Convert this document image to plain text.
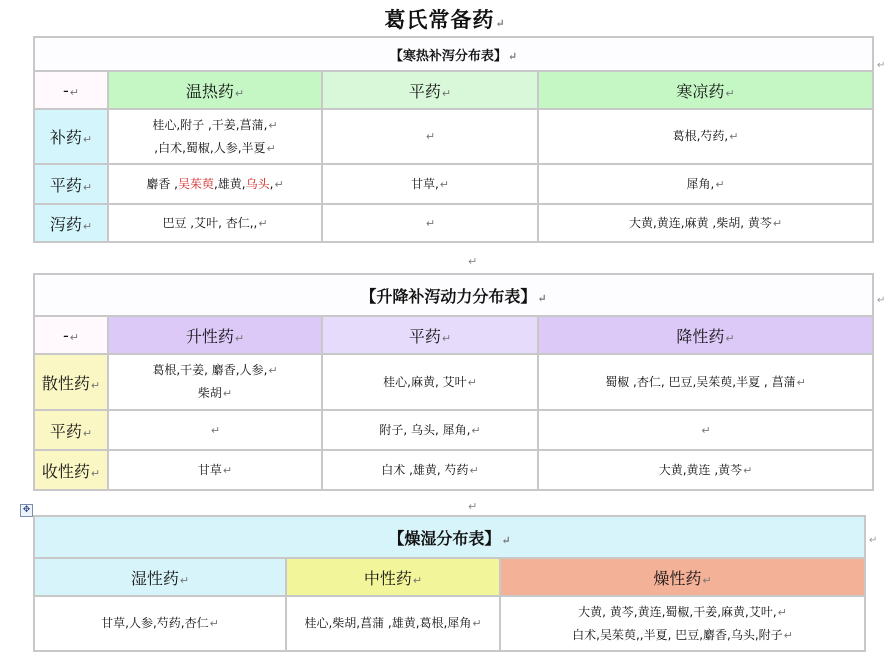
葛氏常备药↵
【寒热补泻分布表】↵			
-↵	温热药↵	平药↵	寒凉药↵
补药↵	桂心,附子 ,干姜,菖蒲,↵
,白术,蜀椒,人参,半夏↵	↵	葛根,芍药,↵
平药↵	麝香 ,吴茱萸,雄黄,乌头,↵	甘草,↵	犀角,↵
泻药↵	巴豆 ,艾叶, 杏仁,,↵	↵	大黄,黄连,麻黄 ,柴胡, 黄芩↵
↵
【升降补泻动力分布表】↵			
-↵	升性药↵	平药↵	降性药↵
散性药↵	葛根,干姜, 麝香,人参,↵
柴胡↵	桂心,麻黄, 艾叶↵	蜀椒 ,杏仁, 巴豆,吴茱萸,半夏 , 菖蒲↵
平药↵	↵	附子, 乌头, 犀角,↵	↵
收性药↵	甘草↵	白术 ,雄黄, 芍药↵	大黄,黄连 ,黄芩↵
↵
✥
【燥湿分布表】↵		
湿性药↵	中性药↵	燥性药↵
甘草,人参,芍药,杏仁↵	桂心,柴胡,菖蒲 ,雄黄,葛根,犀角↵	大黄, 黄芩,黄连,蜀椒,干姜,麻黄,艾叶,↵
白术,吴茱萸,,半夏, 巴豆,麝香,乌头,附子↵
↵
↵
↵
